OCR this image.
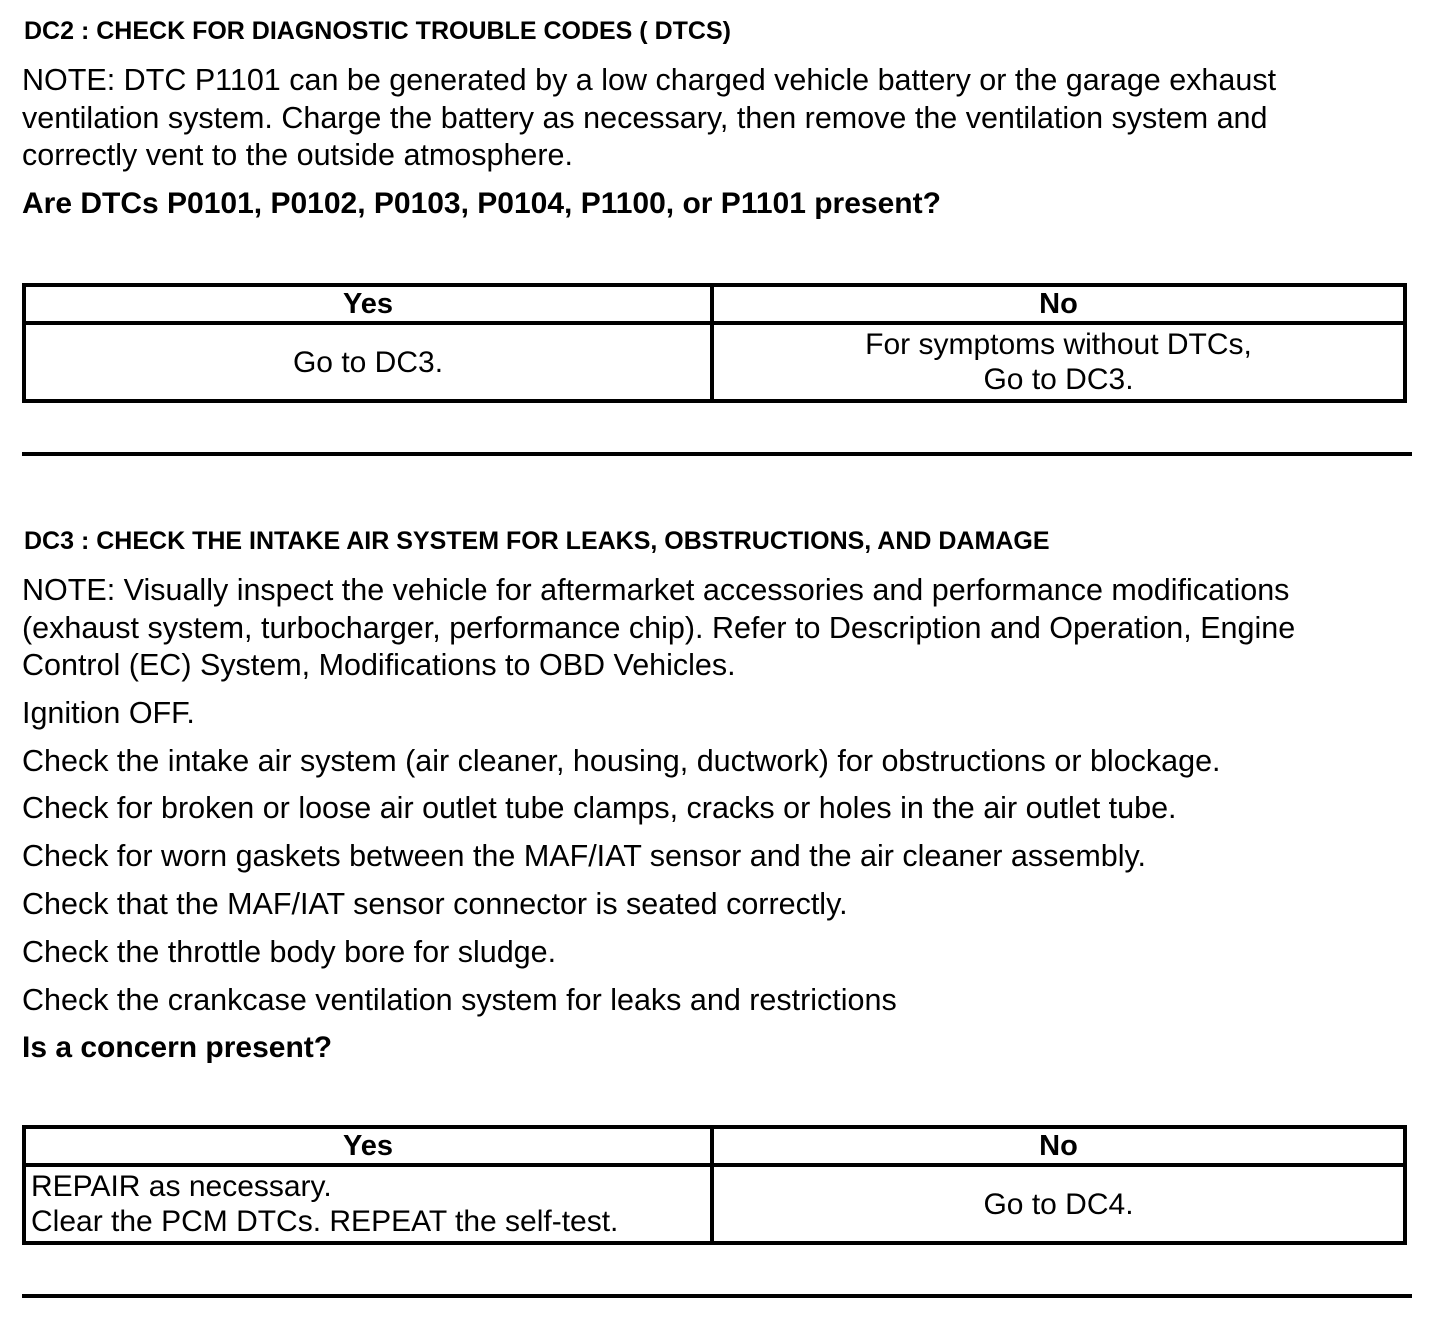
DC2 : CHECK FOR DIAGNOSTIC TROUBLE CODES ( DTCS)
NOTE: DTC P1101 can be generated by a low charged vehicle battery or the garage exhaust
ventilation system. Charge the battery as necessary, then remove the ventilation system and
correctly vent to the outside atmosphere.
Are DTCs P0101, P0102, P0103, P0104, P1100, or P1101 present?
Yes	No
Go to DC3.	For symptoms without DTCs,
Go to DC3.
DC3 : CHECK THE INTAKE AIR SYSTEM FOR LEAKS, OBSTRUCTIONS, AND DAMAGE
NOTE: Visually inspect the vehicle for aftermarket accessories and performance modifications
(exhaust system, turbocharger, performance chip). Refer to Description and Operation, Engine
Control (EC) System, Modifications to OBD Vehicles.
Ignition OFF.
Check the intake air system (air cleaner, housing, ductwork) for obstructions or blockage.
Check for broken or loose air outlet tube clamps, cracks or holes in the air outlet tube.
Check for worn gaskets between the MAF/IAT sensor and the air cleaner assembly.
Check that the MAF/IAT sensor connector is seated correctly.
Check the throttle body bore for sludge.
Check the crankcase ventilation system for leaks and restrictions
Is a concern present?
Yes	No

REPAIR as necessary.
Clear the PCM DTCs. REPEAT the self-test.	Go to DC4.
